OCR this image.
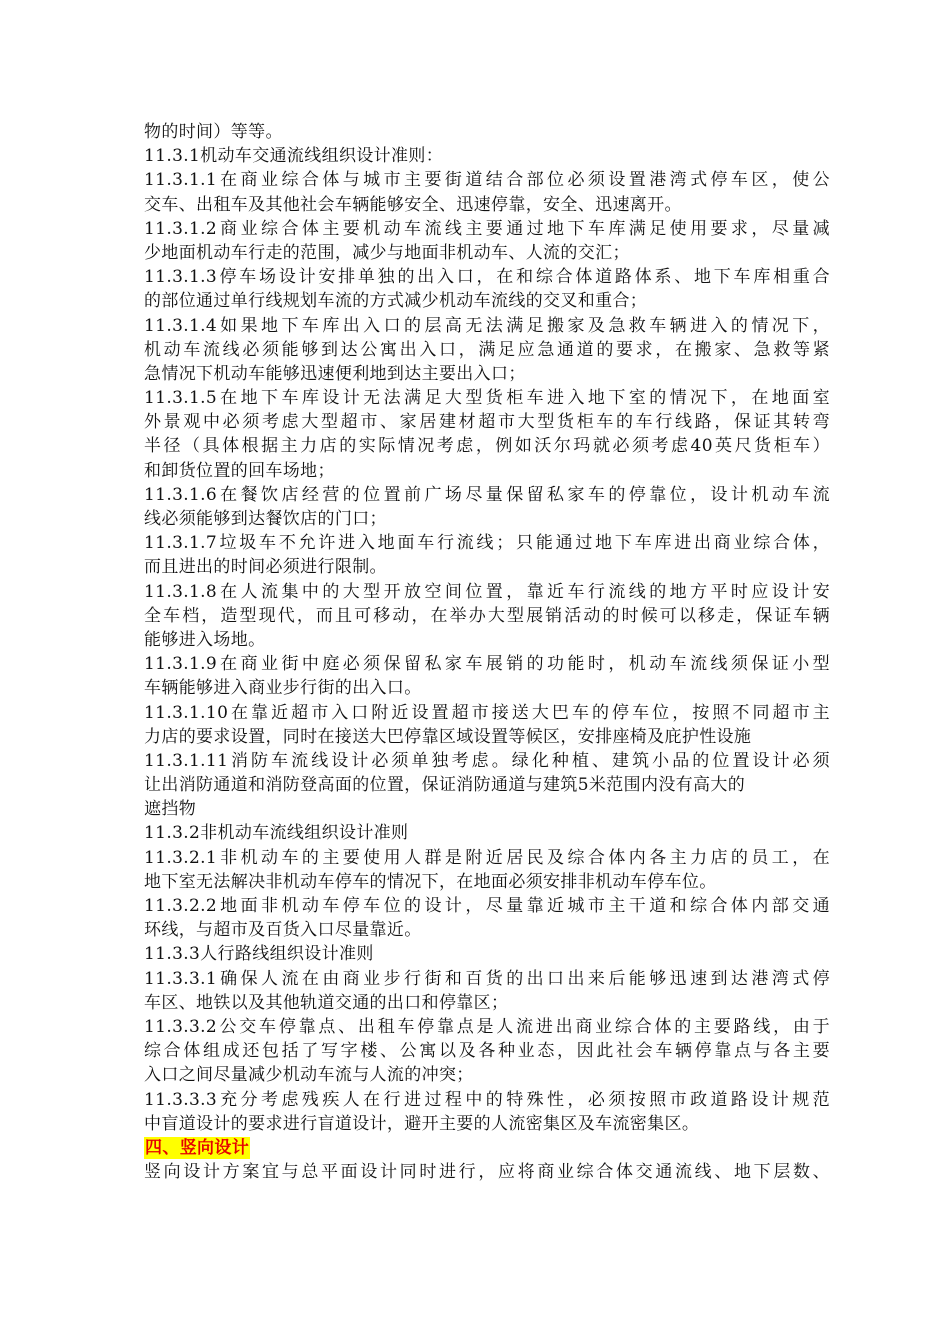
物的时间）等等。
11.3.1机动车交通流线组织设计准则：
11.3.1.1在商业综合体与城市主要街道结合部位必须设置港湾式停车区，使公
交车、出租车及其他社会车辆能够安全、迅速停靠，安全、迅速离开。
11.3.1.2商业综合体主要机动车流线主要通过地下车库满足使用要求，尽量减
少地面机动车行走的范围，减少与地面非机动车、人流的交汇；
11.3.1.3停车场设计安排单独的出入口，在和综合体道路体系、地下车库相重合
的部位通过单行线规划车流的方式减少机动车流线的交叉和重合；
11.3.1.4如果地下车库出入口的层高无法满足搬家及急救车辆进入的情况下，
机动车流线必须能够到达公寓出入口，满足应急通道的要求，在搬家、急救等紧
急情况下机动车能够迅速便利地到达主要出入口；
11.3.1.5在地下车库设计无法满足大型货柜车进入地下室的情况下，在地面室
外景观中必须考虑大型超市、家居建材超市大型货柜车的车行线路，保证其转弯
半径（具体根据主力店的实际情况考虑，例如沃尔玛就必须考虑40英尺货柜车）
和卸货位置的回车场地；
11.3.1.6在餐饮店经营的位置前广场尽量保留私家车的停靠位，设计机动车流
线必须能够到达餐饮店的门口；
11.3.1.7垃圾车不允许进入地面车行流线；只能通过地下车库进出商业综合体，
而且进出的时间必须进行限制。
11.3.1.8在人流集中的大型开放空间位置，靠近车行流线的地方平时应设计安
全车档，造型现代，而且可移动，在举办大型展销活动的时候可以移走，保证车辆
能够进入场地。
11.3.1.9在商业街中庭必须保留私家车展销的功能时，机动车流线须保证小型
车辆能够进入商业步行街的出入口。
11.3.1.10在靠近超市入口附近设置超市接送大巴车的停车位，按照不同超市主
力店的要求设置，同时在接送大巴停靠区域设置等候区，安排座椅及庇护性设施
11.3.1.11消防车流线设计必须单独考虑。绿化种植、建筑小品的位置设计必须
让出消防通道和消防登高面的位置，保证消防通道与建筑5米范围内没有高大的
遮挡物
11.3.2非机动车流线组织设计准则
11.3.2.1非机动车的主要使用人群是附近居民及综合体内各主力店的员工，在
地下室无法解决非机动车停车的情况下，在地面必须安排非机动车停车位。
11.3.2.2地面非机动车停车位的设计，尽量靠近城市主干道和综合体内部交通
环线，与超市及百货入口尽量靠近。
11.3.3人行路线组织设计准则
11.3.3.1确保人流在由商业步行街和百货的出口出来后能够迅速到达港湾式停
车区、地铁以及其他轨道交通的出口和停靠区；
11.3.3.2公交车停靠点、出租车停靠点是人流进出商业综合体的主要路线，由于
综合体组成还包括了写字楼、公寓以及各种业态，因此社会车辆停靠点与各主要
入口之间尽量减少机动车流与人流的冲突；
11.3.3.3充分考虑残疾人在行进过程中的特殊性，必须按照市政道路设计规范
中盲道设计的要求进行盲道设计，避开主要的人流密集区及车流密集区。
四、竖向设计
竖向设计方案宜与总平面设计同时进行，应将商业综合体交通流线、地下层数、
